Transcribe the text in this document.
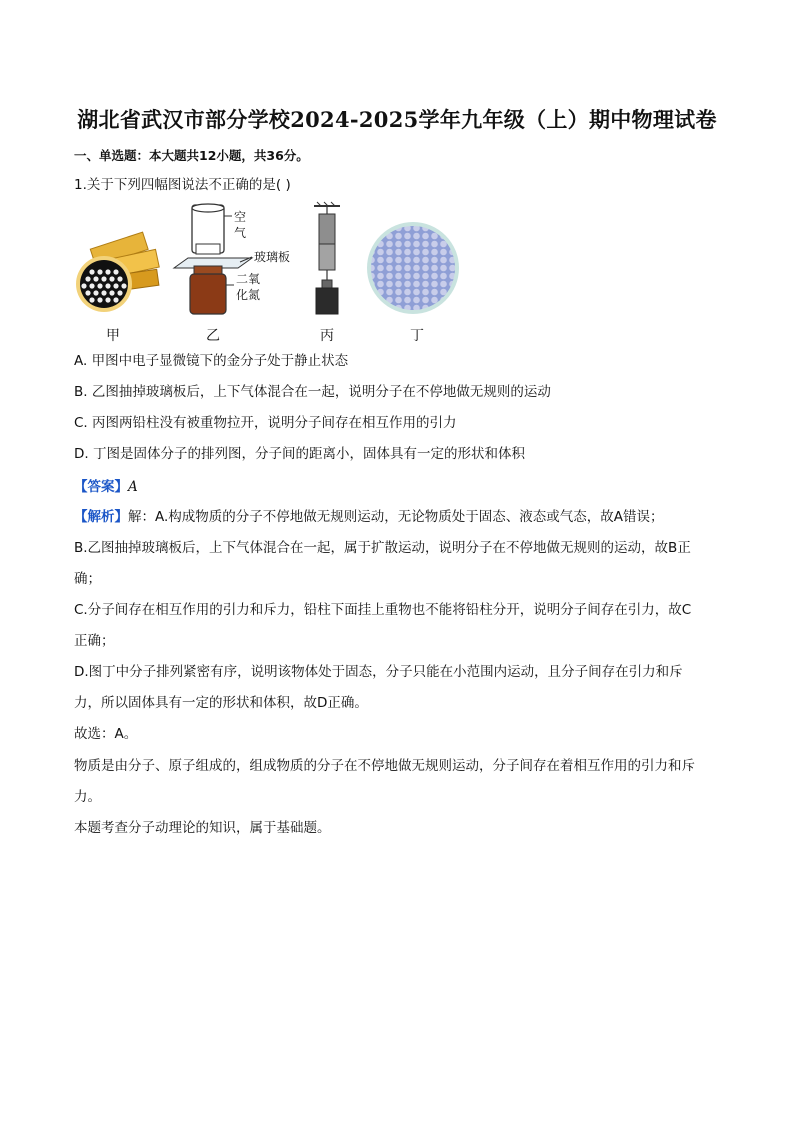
湖北省武汉市部分学校2024-2025学年九年级（上）期中物理试卷
一、单选题：本大题共12小题，共36分。
1.关于下列四幅图说法不正确的是( )
空
气
玻璃板
二氧
化氮
甲	乙	丙	丁
A. 甲图中电子显微镜下的金分子处于静止状态
B. 乙图抽掉玻璃板后，上下气体混合在一起，说明分子在不停地做无规则的运动
C. 丙图两铅柱没有被重物拉开，说明分子间存在相互作用的引力
D. 丁图是固体分子的排列图，分子间的距离小，固体具有一定的形状和体积
【答案】A
【解析】解：A.构成物质的分子不停地做无规则运动，无论物质处于固态、液态或气态，故A错误；
B.乙图抽掉玻璃板后，上下气体混合在一起，属于扩散运动，说明分子在不停地做无规则的运动，故B正
确；
C.分子间存在相互作用的引力和斥力，铅柱下面挂上重物也不能将铅柱分开，说明分子间存在引力，故C
正确；
D.图丁中分子排列紧密有序，说明该物体处于固态，分子只能在小范围内运动，且分子间存在引力和斥
力，所以固体具有一定的形状和体积，故D正确。
故选：A。
物质是由分子、原子组成的，组成物质的分子在不停地做无规则运动，分子间存在着相互作用的引力和斥
力。
本题考查分子动理论的知识，属于基础题。
